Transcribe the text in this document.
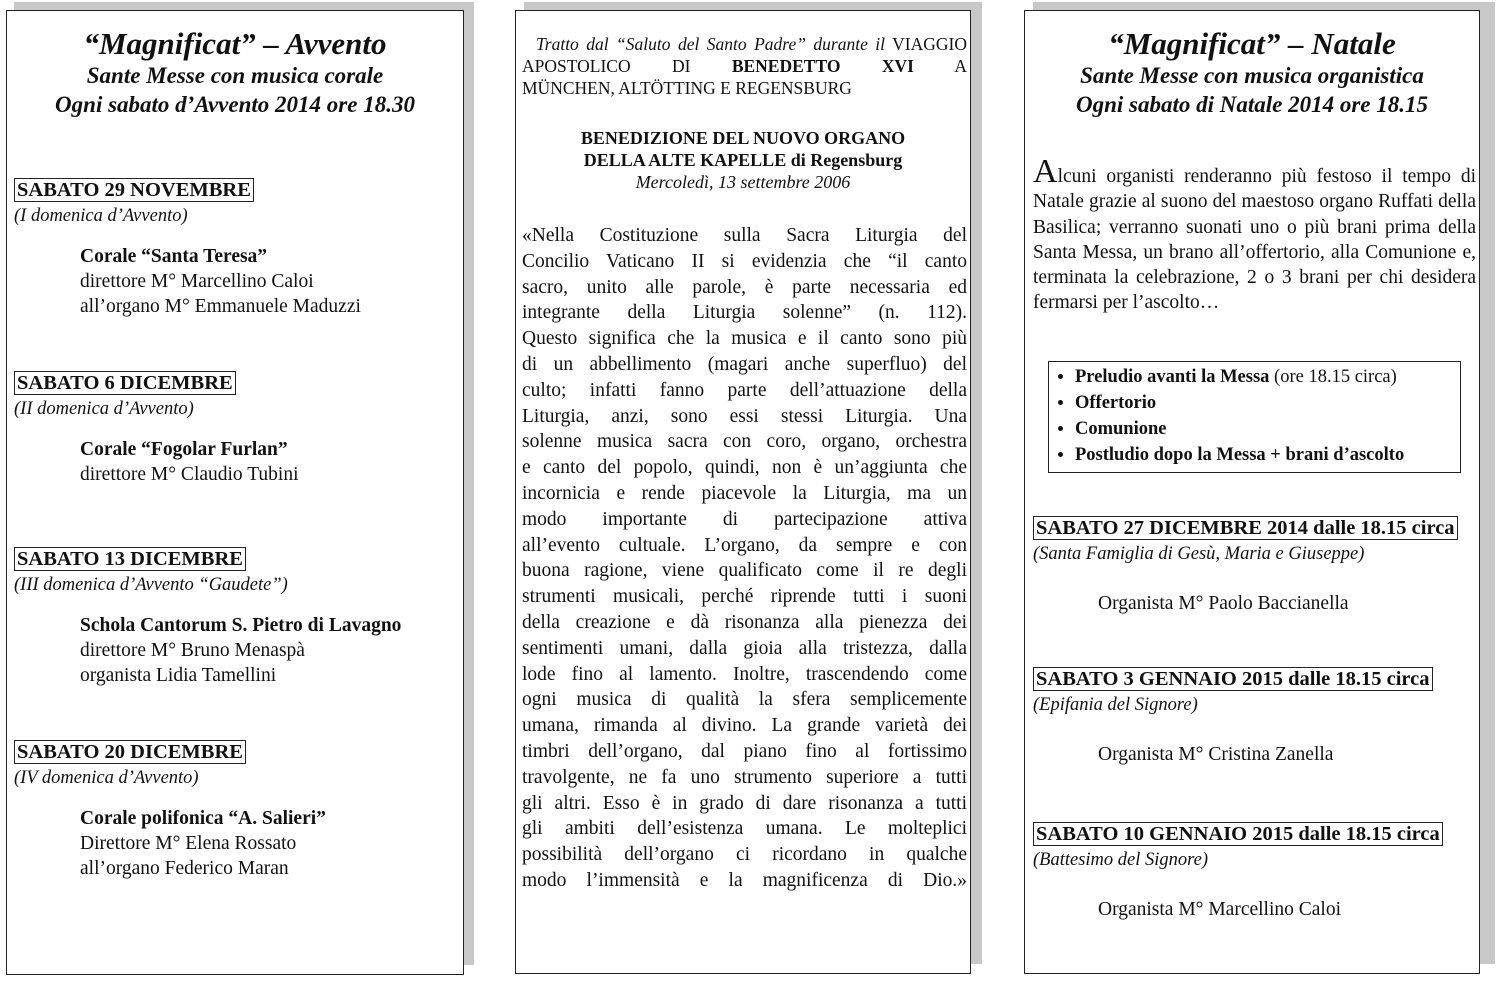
“Magnificat” – Avvento

Sante Messe con musica corale

Ogni sabato d’Avvento 2014 ore 18.30

SABATO 29 NOVEMBRE
(I domenica d’Avvento)
Corale “Santa Teresa”
direttore M° Marcellino Caloi
all’organo M° Emmanuele Maduzzi
SABATO 6 DICEMBRE
(II domenica d’Avvento)
Corale “Fogolar Furlan”
direttore M° Claudio Tubini
SABATO 13 DICEMBRE
(III domenica d’Avvento “Gaudete”)
Schola Cantorum S. Pietro di Lavagno
direttore M° Bruno Menaspà
organista Lidia Tamellini
SABATO 20 DICEMBRE
(IV domenica d’Avvento)
Corale polifonica “A. Salieri”
Direttore M° Elena Rossato
all’organo Federico Maran
Tratto dal “Saluto del Santo Padre” durante il VIAGGIO
APOSTOLICO DI BENEDETTO XVI A
MÜNCHEN, ALTÖTTING E REGENSBURG
BENEDIZIONE DEL NUOVO ORGANO
DELLA ALTE KAPELLE di Regensburg
Mercoledì, 13 settembre 2006
«Nella Costituzione sulla Sacra Liturgia del
Concilio Vaticano II si evidenzia che “il canto
sacro, unito alle parole, è parte necessaria ed
integrante della Liturgia solenne” (n. 112).
Questo significa che la musica e il canto sono più
di un abbellimento (magari anche superfluo) del
culto; infatti fanno parte dell’attuazione della
Liturgia, anzi, sono essi stessi Liturgia. Una
solenne musica sacra con coro, organo, orchestra
e canto del popolo, quindi, non è un’aggiunta che
incornicia e rende piacevole la Liturgia, ma un
modo importante di partecipazione attiva
all’evento cultuale. L’organo, da sempre e con
buona ragione, viene qualificato come il re degli
strumenti musicali, perché riprende tutti i suoni
della creazione e dà risonanza alla pienezza dei
sentimenti umani, dalla gioia alla tristezza, dalla
lode fino al lamento. Inoltre, trascendendo come
ogni musica di qualità la sfera semplicemente
umana, rimanda al divino. La grande varietà dei
timbri dell’organo, dal piano fino al fortissimo
travolgente, ne fa uno strumento superiore a tutti
gli altri. Esso è in grado di dare risonanza a tutti
gli ambiti dell’esistenza umana. Le molteplici
possibilità dell’organo ci ricordano in qualche
modo l’immensità e la magnificenza di Dio.»

“Magnificat” – Natale

Sante Messe con musica organistica

Ogni sabato di Natale 2014 ore 18.15

Alcuni organisti renderanno più festoso il tempo di Natale grazie al suono del maestoso organo Ruffati della Basilica; verranno suonati uno o più brani prima della Santa Messa, un brano all’offertorio, alla Comunione e, terminata la celebrazione, 2 o 3 brani per chi desidera fermarsi per l’ascolto…
• Preludio avanti la Messa (ore 18.15 circa)
• Offertorio
• Comunione
• Postludio dopo la Messa + brani d’ascolto
SABATO 27 DICEMBRE 2014 dalle 18.15 circa
(Santa Famiglia di Gesù, Maria e Giuseppe)
Organista M° Paolo Baccianella
SABATO 3 GENNAIO 2015 dalle 18.15 circa
(Epifania del Signore)
Organista M° Cristina Zanella
SABATO 10 GENNAIO 2015 dalle 18.15 circa
(Battesimo del Signore)
Organista M° Marcellino Caloi
